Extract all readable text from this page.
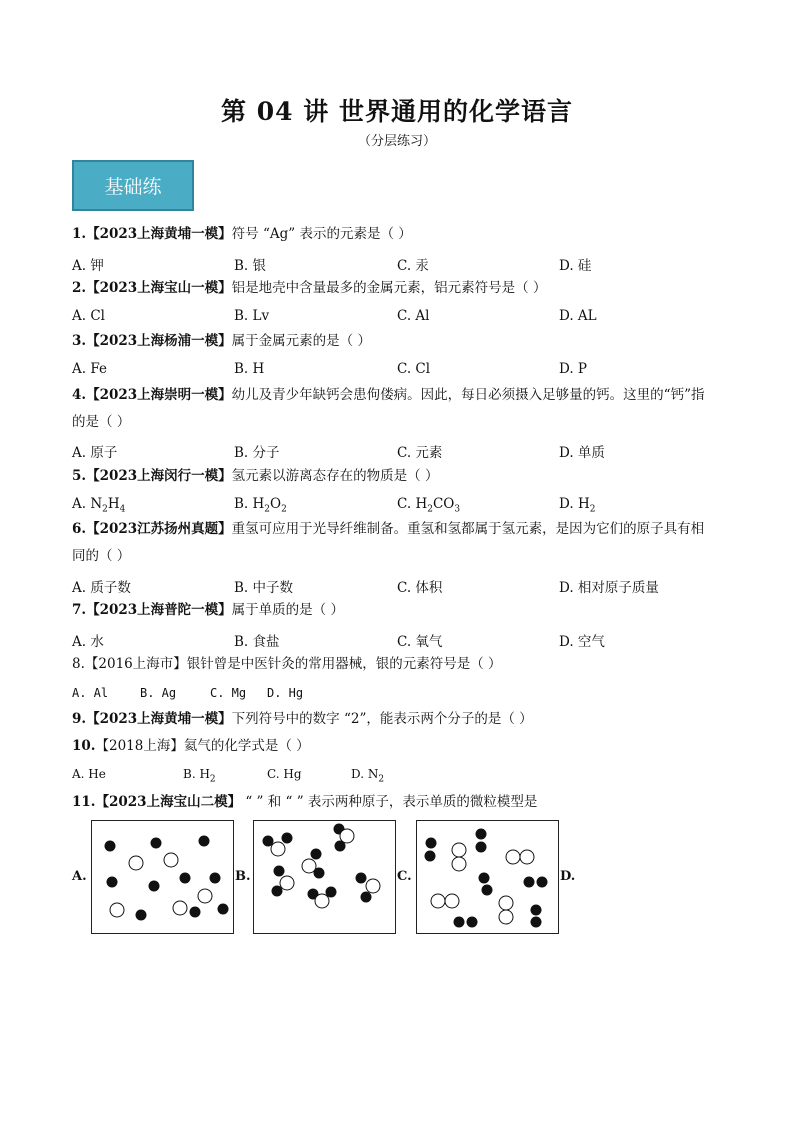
第 04 讲 世界通用的化学语言
（分层练习）
基础练
1.【2023上海黄埔一模】符号 “Ag” 表示的元素是（ ）
A. 钾	B. 银	C. 汞	D. 硅
2.【2023上海宝山一模】铝是地壳中含量最多的金属元素，铝元素符号是（ ）
A. Cl	B. Lv	C. Al	D. AL
3.【2023上海杨浦一模】属于金属元素的是（ ）
A. Fe	B. H	C. Cl	D. P
4.【2023上海崇明一模】幼儿及青少年缺钙会患佝偻病。因此，每日必须摄入足够量的钙。这里的“钙”指
的是（ ）
A. 原子	B. 分子	C. 元素	D. 单质
5.【2023上海闵行一模】氢元素以游离态存在的物质是（ ）
A. $N_2H_4$	B. $H_2O_2$	C. $H_2CO_3$	D. $H_2$
6.【2023江苏扬州真题】重氢可应用于光导纤维制备。重氢和氢都属于氢元素，是因为它们的原子具有相
同的（ ）
A. 质子数	B. 中子数	C. 体积	D. 相对原子质量
7.【2023上海普陀一模】属于单质的是（ ）
A. 水	B. 食盐	C. 氧气	D. 空气
8.【2016上海市】银针曾是中医针灸的常用器械，银的元素符号是（ ）
A. Al	B. Ag	C. Mg D. Hg
9.【2023上海黄埔一模】下列符号中的数字 “2”，能表示两个分子的是（ ）
10.【2018上海】氦气的化学式是（ ）
A. He	B. $H_2$	C. Hg	D. $N_2$
11.【2023上海宝山二模】 “ ” 和 “ ” 表示两种原子，表示单质的微粒模型是
A.	B.	C.	D.
